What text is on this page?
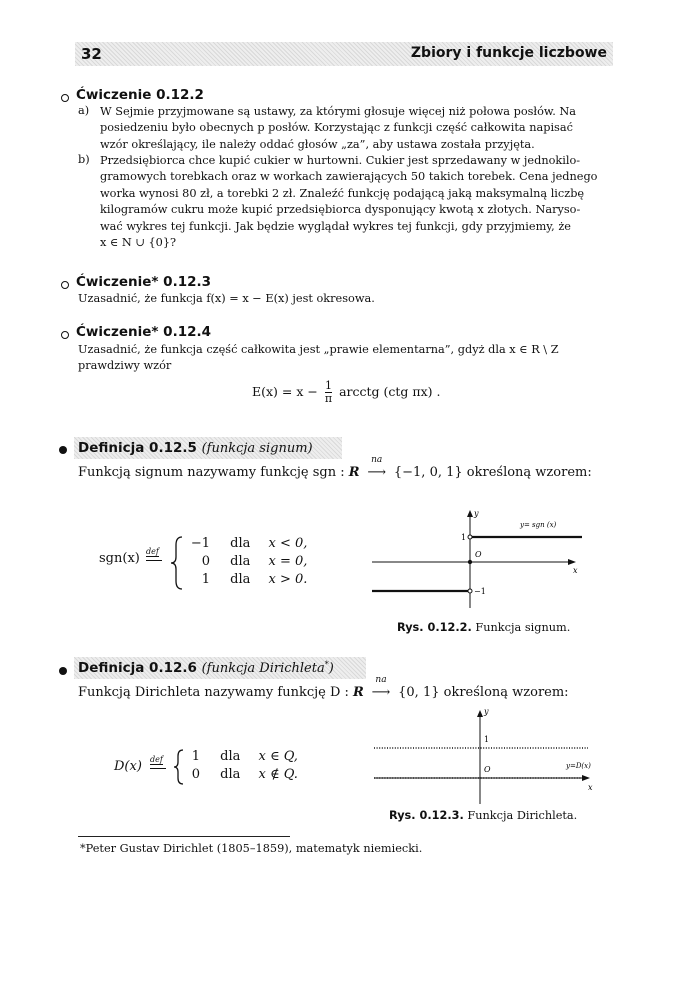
32	Zbiory i funkcje liczbowe
Ćwiczenie 0.12.2
a) W Sejmie przyjmowane są ustawy, za którymi głosuje więcej niż połowa posłów. Na

posiedzeniu było obecnych p posłów. Korzystając z funkcji część całkowita napisać

wzór określający, ile należy oddać głosów „za”, aby ustawa została przyjęta.

b) Przedsiębiorca chce kupić cukier w hurtowni. Cukier jest sprzedawany w jednokilo-

gramowych torebkach oraz w workach zawierających 50 takich torebek. Cena jednego

worka wynosi 80 zł, a torebki 2 zł. Znaleźć funkcję podającą jaką maksymalną liczbę

kilogramów cukru może kupić przedsiębiorca dysponujący kwotą x złotych. Naryso-

wać wykres tej funkcji. Jak będzie wyglądał wykres tej funkcji, gdy przyjmiemy, że

x ∈ N ∪ {0}?

Ćwiczenie* 0.12.3
Uzasadnić, że funkcja f(x) = x − E(x) jest okresowa.
Ćwiczenie* 0.12.4

Uzasadnić, że funkcja część całkowita jest „prawie elementarna”, gdyż dla x ∈ R \ Z

prawdziwy wzór

$E(x) = x - \frac{1}{\pi}$ arcctg (ctg πx) .
Definicja 0.12.5 (funkcja signum)
Funkcją signum nazywamy funkcję sgn : R
na
⟶ {−1, 0, 1} określoną wzorem:
sgn(x) def
−1 dla x < 0,
0 dla x = 0,
1 dla x > 0.
y
x
O
1
−1
y= sgn (x)
Rys. 0.12.2. Funkcja signum.
Definicja 0.12.6 (funkcja Dirichleta*)
Funkcją Dirichleta nazywamy funkcję D : R
na
⟶ {0, 1} określoną wzorem:
D(x) def 1 dla x ∈ Q,
0 dla x ∉ Q.
y
x
O
1
y=D(x)
Rys. 0.12.3. Funkcja Dirichleta.
*Peter Gustav Dirichlet (1805–1859), matematyk niemiecki.
